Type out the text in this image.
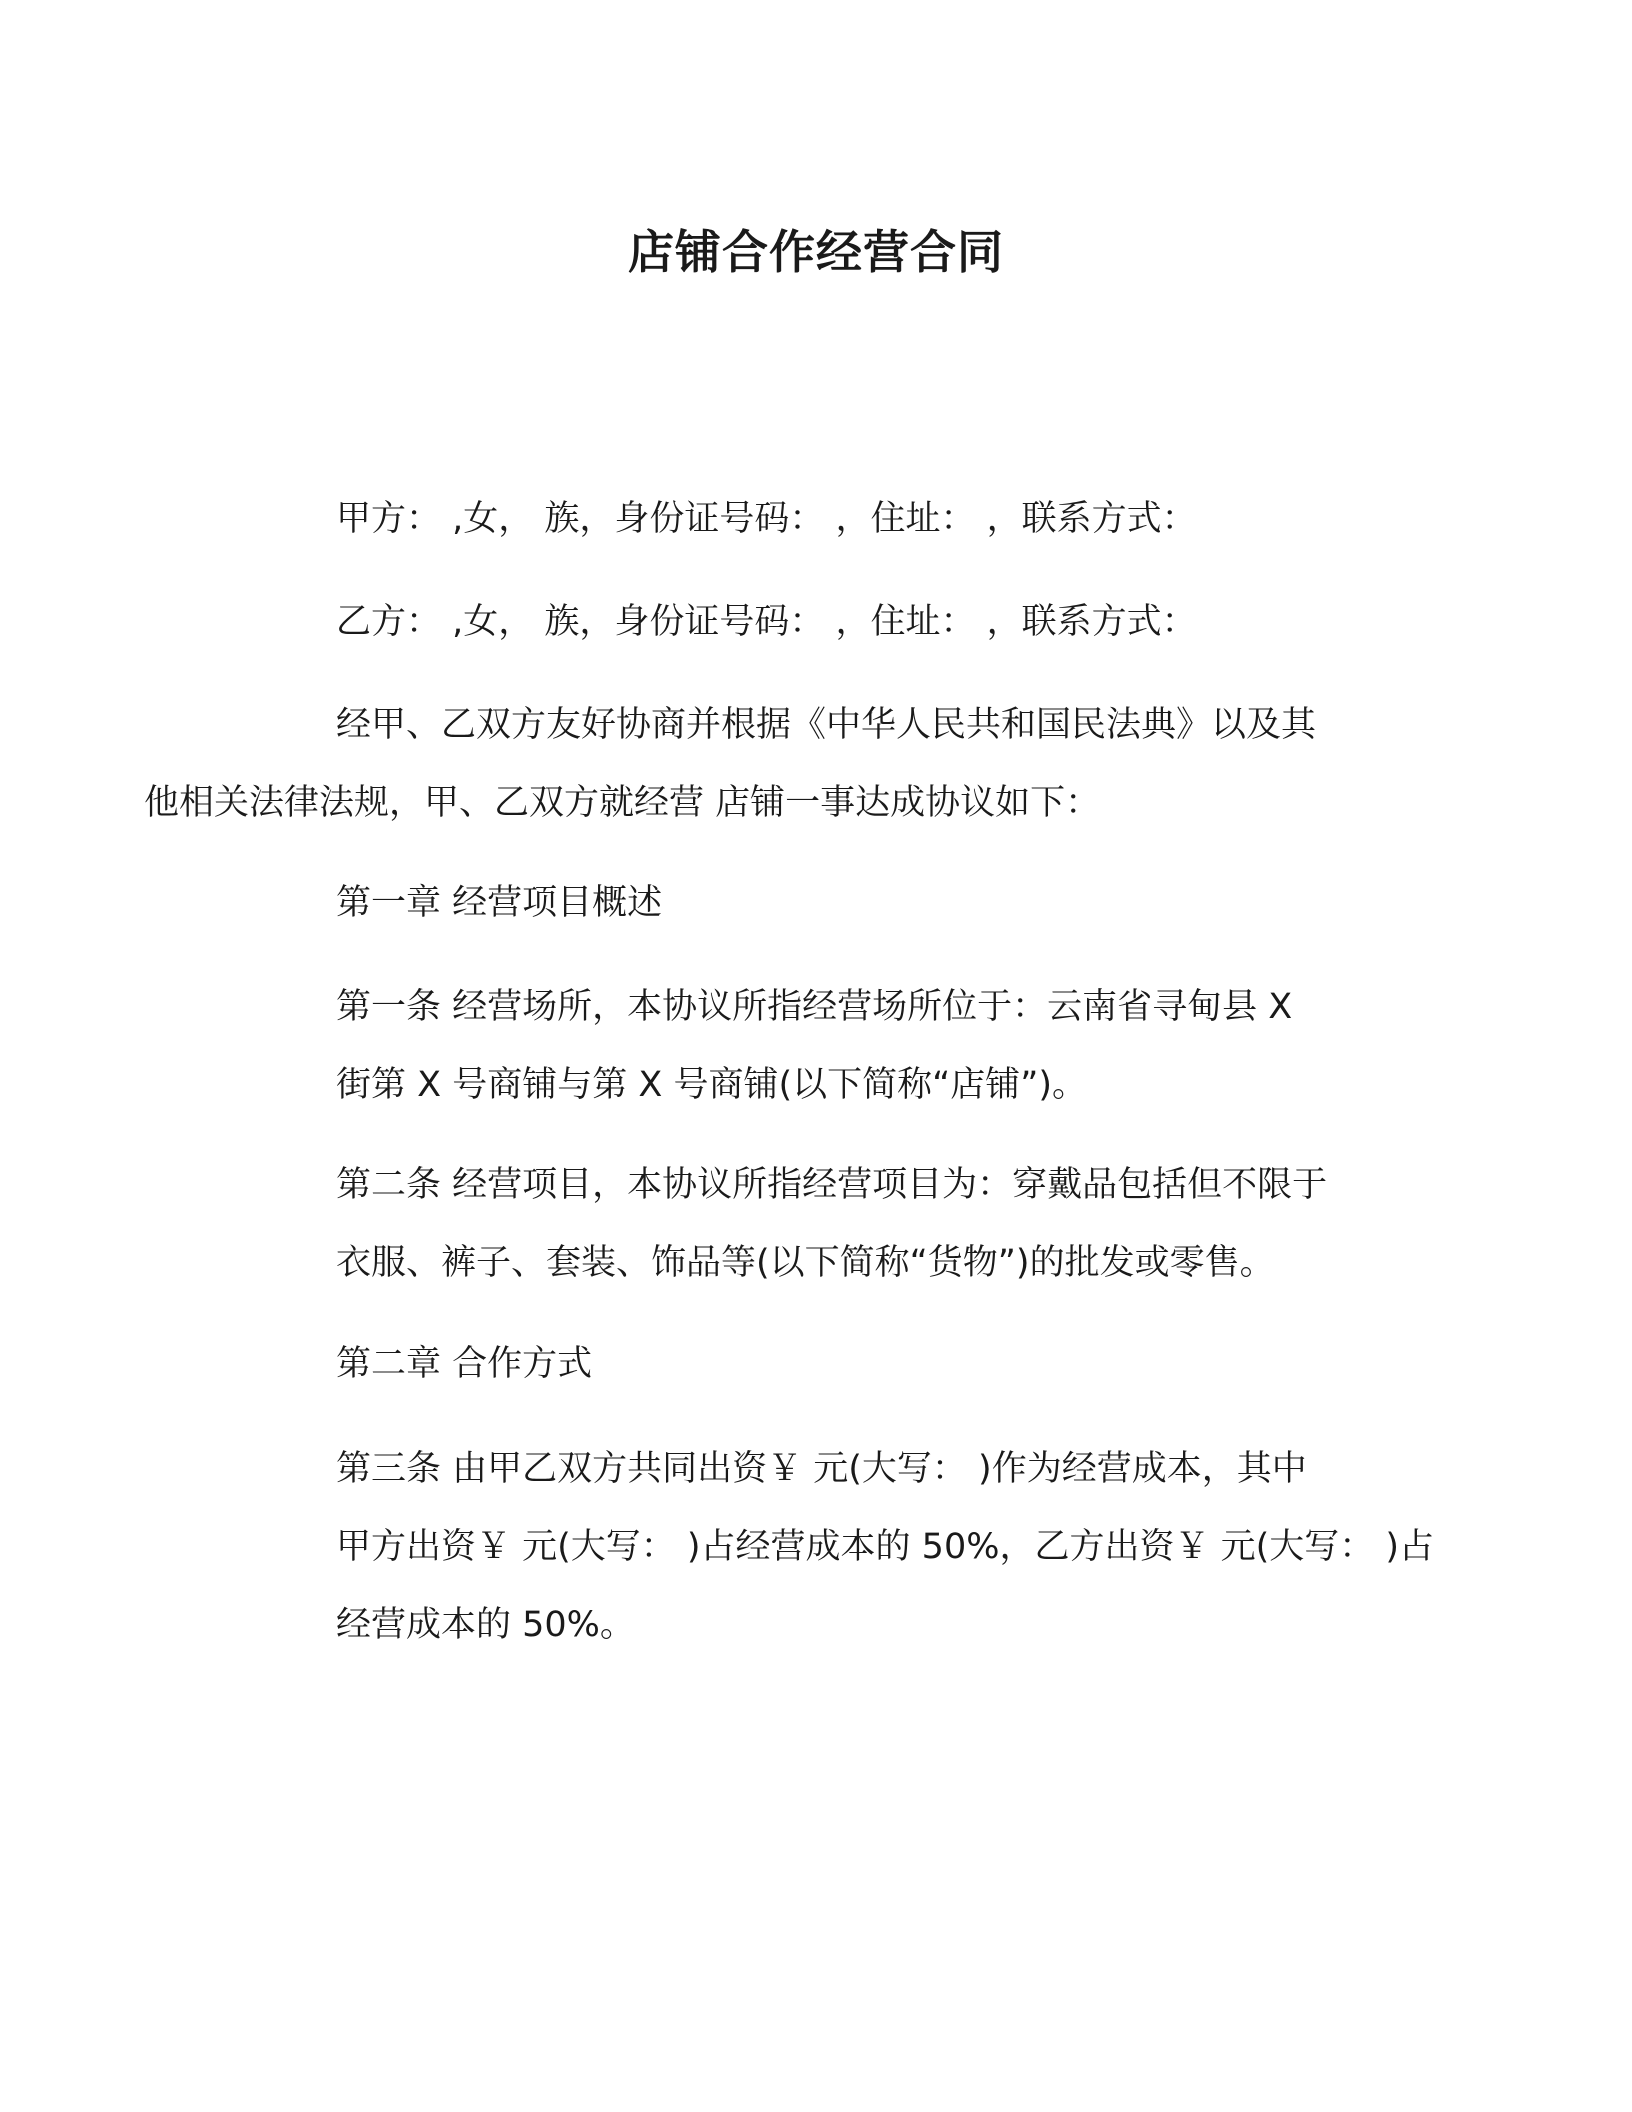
店铺合作经营合同

甲方： ,女， 族，身份证号码： ，住址： ，联系方式：

乙方： ,女， 族，身份证号码： ，住址： ，联系方式：

经甲、乙双方友好协商并根据《中华人民共和国民法典》以及其
他相关法律法规，甲、乙双方就经营 店铺一事达成协议如下：

第一章 经营项目概述

第一条 经营场所，本协议所指经营场所位于：云南省寻甸县 X
街第 X 号商铺与第 X 号商铺(以下简称“店铺”)。
第二条 经营项目，本协议所指经营项目为：穿戴品包括但不限于
衣服、裤子、套装、饰品等(以下简称“货物”)的批发或零售。

第二章 合作方式

第三条 由甲乙双方共同出资￥ 元(大写： )作为经营成本，其中
甲方出资￥ 元(大写： )占经营成本的 50%，乙方出资￥ 元(大写： )占
经营成本的 50%。
